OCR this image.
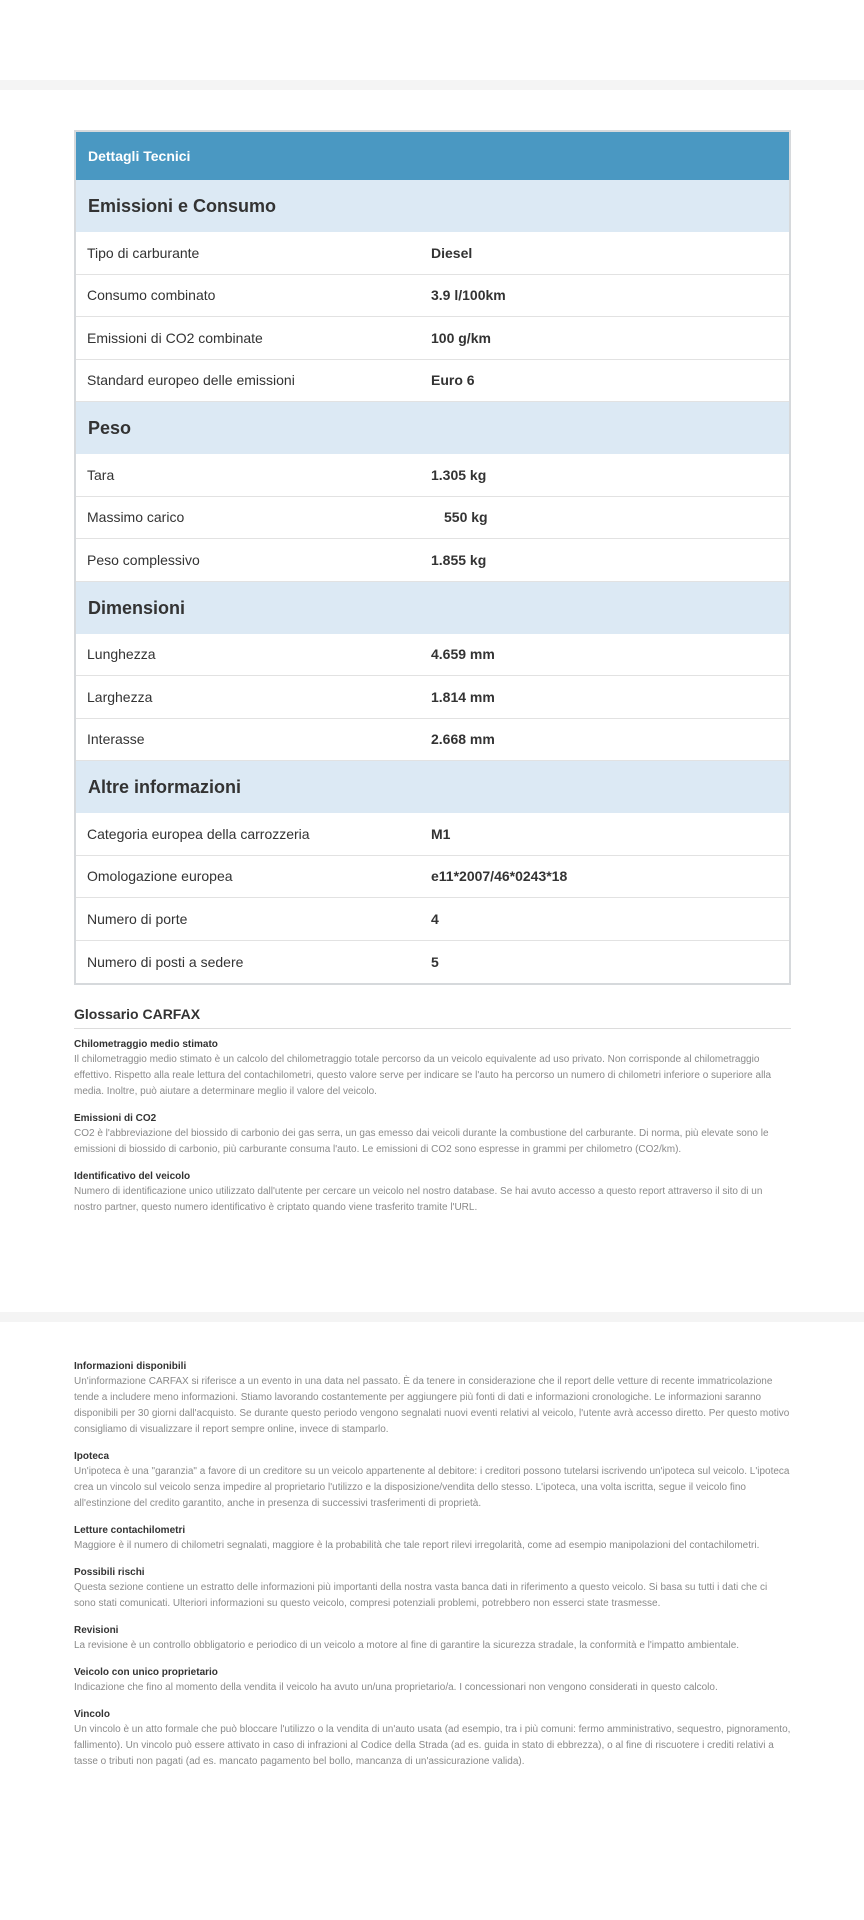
Dettagli Tecnici
Emissioni e Consumo
Tipo di carburante	Diesel
Consumo combinato	3.9 l/100km
Emissioni di CO2 combinate	100 g/km
Standard europeo delle emissioni	Euro 6
Peso
Tara	1.305 kg
Massimo carico	550 kg
Peso complessivo	1.855 kg
Dimensioni
Lunghezza	4.659 mm
Larghezza	1.814 mm
Interasse	2.668 mm
Altre informazioni
Categoria europea della carrozzeria	M1
Omologazione europea	e11*2007/46*0243*18
Numero di porte	4
Numero di posti a sedere	5
Glossario CARFAX
Chilometraggio medio stimato
Il chilometraggio medio stimato è un calcolo del chilometraggio totale percorso da un veicolo equivalente ad uso privato. Non corrisponde al chilometraggio effettivo. Rispetto alla reale lettura del contachilometri, questo valore serve per indicare se l'auto ha percorso un numero di chilometri inferiore o superiore alla media. Inoltre, può aiutare a determinare meglio il valore del veicolo.
Emissioni di CO2
CO2 è l'abbreviazione del biossido di carbonio dei gas serra, un gas emesso dai veicoli durante la combustione del carburante. Di norma, più elevate sono le emissioni di biossido di carbonio, più carburante consuma l'auto. Le emissioni di CO2 sono espresse in grammi per chilometro (CO2/km).
Identificativo del veicolo
Numero di identificazione unico utilizzato dall'utente per cercare un veicolo nel nostro database. Se hai avuto accesso a questo report attraverso il sito di un nostro partner, questo numero identificativo è criptato quando viene trasferito tramite l'URL.
Informazioni disponibili
Un'informazione CARFAX si riferisce a un evento in una data nel passato. È da tenere in considerazione che il report delle vetture di recente immatricolazione tende a includere meno informazioni. Stiamo lavorando costantemente per aggiungere più fonti di dati e informazioni cronologiche. Le informazioni saranno disponibili per 30 giorni dall'acquisto. Se durante questo periodo vengono segnalati nuovi eventi relativi al veicolo, l'utente avrà accesso diretto. Per questo motivo consigliamo di visualizzare il report sempre online, invece di stamparlo.
Ipoteca
Un'ipoteca è una "garanzia" a favore di un creditore su un veicolo appartenente al debitore: i creditori possono tutelarsi iscrivendo un'ipoteca sul veicolo. L'ipoteca crea un vincolo sul veicolo senza impedire al proprietario l'utilizzo e la disposizione/vendita dello stesso. L'ipoteca, una volta iscritta, segue il veicolo fino all'estinzione del credito garantito, anche in presenza di successivi trasferimenti di proprietà.
Letture contachilometri
Maggiore è il numero di chilometri segnalati, maggiore è la probabilità che tale report rilevi irregolarità, come ad esempio manipolazioni del contachilometri.
Possibili rischi
Questa sezione contiene un estratto delle informazioni più importanti della nostra vasta banca dati in riferimento a questo veicolo. Si basa su tutti i dati che ci sono stati comunicati. Ulteriori informazioni su questo veicolo, compresi potenziali problemi, potrebbero non esserci state trasmesse.
Revisioni
La revisione è un controllo obbligatorio e periodico di un veicolo a motore al fine di garantire la sicurezza stradale, la conformità e l'impatto ambientale.
Veicolo con unico proprietario
Indicazione che fino al momento della vendita il veicolo ha avuto un/una proprietario/a. I concessionari non vengono considerati in questo calcolo.
Vincolo
Un vincolo è un atto formale che può bloccare l'utilizzo o la vendita di un'auto usata (ad esempio, tra i più comuni: fermo amministrativo, sequestro, pignoramento, fallimento). Un vincolo può essere attivato in caso di infrazioni al Codice della Strada (ad es. guida in stato di ebbrezza), o al fine di riscuotere i crediti relativi a tasse o tributi non pagati (ad es. mancato pagamento bel bollo, mancanza di un'assicurazione valida).
